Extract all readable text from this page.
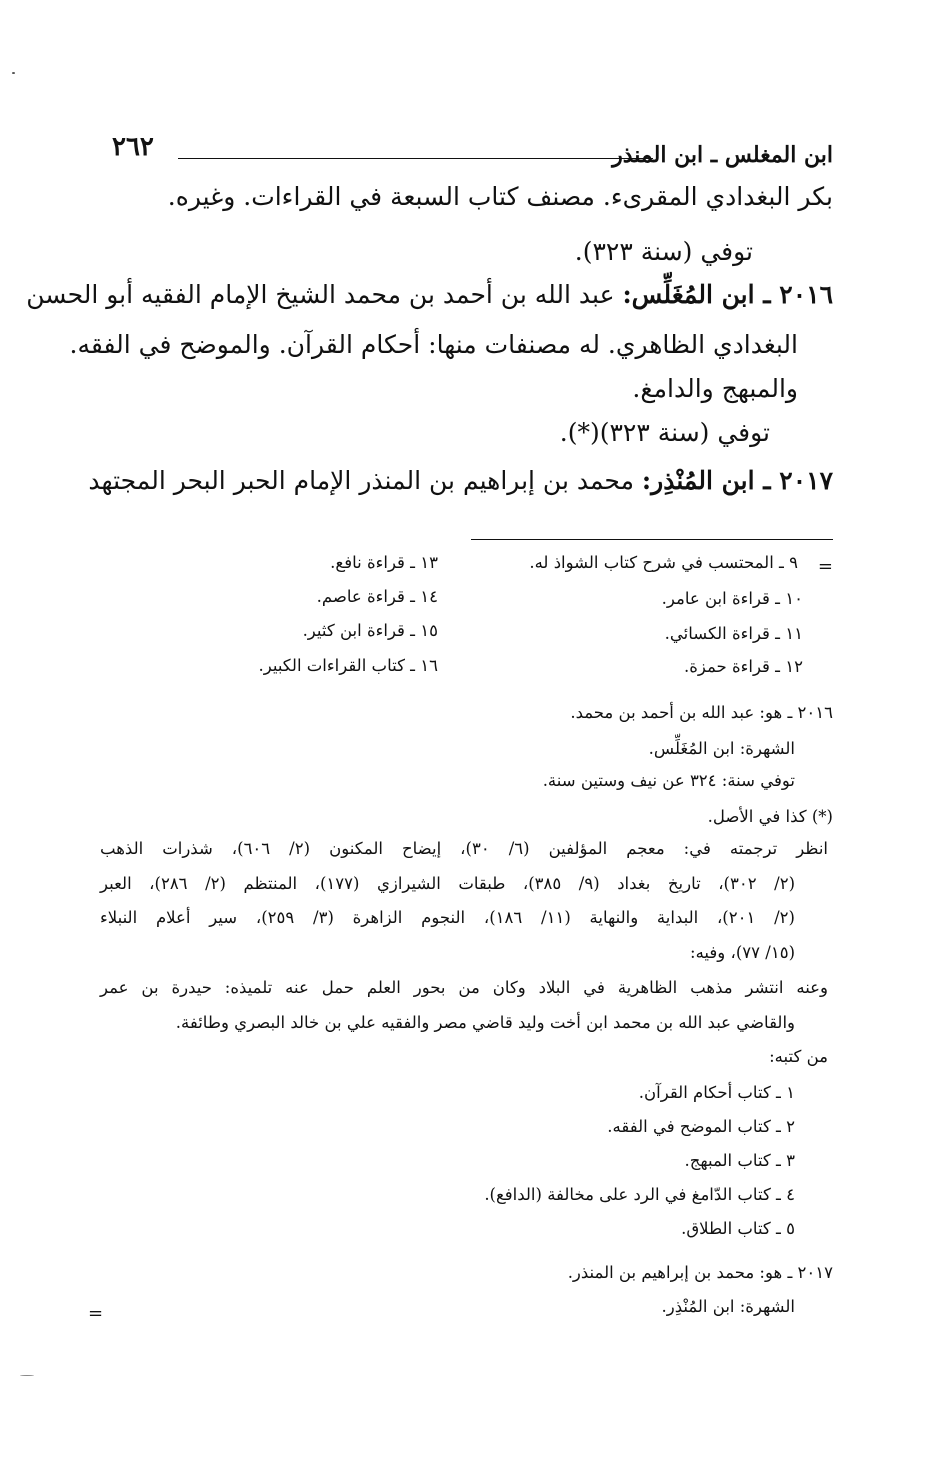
ابن المغلس ـ ابن المنذر
٢٦٢
بكر البغدادي المقرىء. مصنف كتاب السبعة في القراءات. وغيره.
توفي (سنة ٣٢٣).
٢٠١٦ ـ ابن المُغَلِّس: عبد الله بن أحمد بن محمد الشيخ الإمام الفقيه أبو الحسن
البغدادي الظاهري. له مصنفات منها: أحكام القرآن. والموضح في الفقه.
والمبهج والدامغ.
توفي (سنة ٣٢٣)(*).
٢٠١٧ ـ ابن المُنْذِر: محمد بن إبراهيم بن المنذر الإمام الحبر البحر المجتهد
=
٩ ـ المحتسب في شرح كتاب الشواذ له.
١٠ ـ قراءة ابن عامر.
١١ ـ قراءة الكسائي.
١٢ ـ قراءة حمزة.
١٣ ـ قراءة نافع.
١٤ ـ قراءة عاصم.
١٥ ـ قراءة ابن كثير.
١٦ ـ كتاب القراءات الكبير.
٢٠١٦ ـ هو: عبد الله بن أحمد بن محمد.
الشهرة: ابن المُغَلِّس.
توفي سنة: ٣٢٤ عن نيف وستين سنة.
(*) كذا في الأصل.
انظر ترجمته في: معجم المؤلفين (٦/ ٣٠)، إيضاح المكنون (٢/ ٦٠٦)، شذرات الذهب
(٢/ ٣٠٢)، تاريخ بغداد (٩/ ٣٨٥)، طبقات الشيرازي (١٧٧)، المنتظم (٢/ ٢٨٦)، العبر
(٢/ ٢٠١)، البداية والنهاية (١١/ ١٨٦)، النجوم الزاهرة (٣/ ٢٥٩)، سير أعلام النبلاء
(١٥/ ٧٧)، وفيه:
وعنه انتشر مذهب الظاهرية في البلاد وكان من بحور العلم حمل عنه تلميذه: حيدرة بن عمر
والقاضي عبد الله بن محمد ابن أخت وليد قاضي مصر والفقيه علي بن خالد البصري وطائفة.
من كتبه:
١ ـ كتاب أحكام القرآن.
٢ ـ كتاب الموضح في الفقه.
٣ ـ كتاب المبهج.
٤ ـ كتاب الدّامغ في الرد على مخالفة (الدافع).
٥ ـ كتاب الطلاق.
٢٠١٧ ـ هو: محمد بن إبراهيم بن المنذر.
الشهرة: ابن المُنْذِر.
=
